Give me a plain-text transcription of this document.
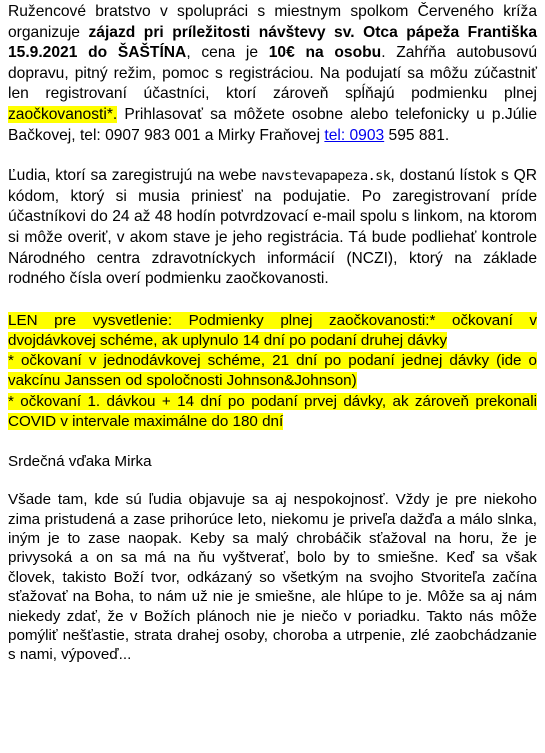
Ružencové bratstvo v spolupráci s miestnym spolkom Červeného kríža organizuje zájazd pri príležitosti návštevy sv. Otca pápeža Františka 15.9.2021 do ŠAŠTÍNA, cena je 10€ na osobu. Zahŕňa autobusovú dopravu, pitný režim, pomoc s registráciou. Na podujatí sa môžu zúčastniť len registrovaní účastníci, ktorí zároveň spĺňajú podmienku plnej zaočkovanosti*. Prihlasovať sa môžete osobne alebo telefonicky u p.Júlie Bačkovej, tel: 0907 983 001 a Mirky Fraňovej tel: 0903 595 881.

Ľudia, ktorí sa zaregistrujú na webe navstevapapeza.sk, dostanú lístok s QR kódom, ktorý si musia priniesť na podujatie. Po zaregistrovaní príde účastníkovi do 24 až 48 hodín potvrdzovací e-mail spolu s linkom, na ktorom si môže overiť, v akom stave je jeho registrácia. Tá bude podliehať kontrole Národného centra zdravotníckych informácií (NCZI), ktorý na základe rodného čísla overí podmienku zaočkovanosti.

LEN pre vysvetlenie: Podmienky plnej zaočkovanosti:* očkovaní v dvojdávkovej schéme, ak uplynulo 14 dní po podaní druhej dávky
* očkovaní v jednodávkovej schéme, 21 dní po podaní jednej dávky (ide o vakcínu Janssen od spoločnosti Johnson&Johnson)
* očkovaní 1. dávkou + 14 dní po podaní prvej dávky, ak zároveň prekonali COVID v intervale maximálne do 180 dní

Srdečná vďaka Mirka

Všade tam, kde sú ľudia objavuje sa aj nespokojnosť. Vždy je pre niekoho zima pristudená a zase prihorúce leto, niekomu je priveľa dažďa a málo slnka, iným je to zase naopak. Keby sa malý chrobáčik sťažoval na horu, že je privysoká a on sa má na ňu vyštverať, bolo by to smiešne. Keď sa však človek, takisto Boží tvor, odkázaný so všetkým na svojho Stvoriteľa začína sťažovať na Boha, to nám už nie je smiešne, ale hlúpe to je. Môže sa aj nám niekedy zdať, že v Božích plánoch nie je niečo v poriadku. Takto nás môže pomýliť nešťastie, strata drahej osoby, choroba a utrpenie, zlé zaobchádzanie s nami, výpoveď...
